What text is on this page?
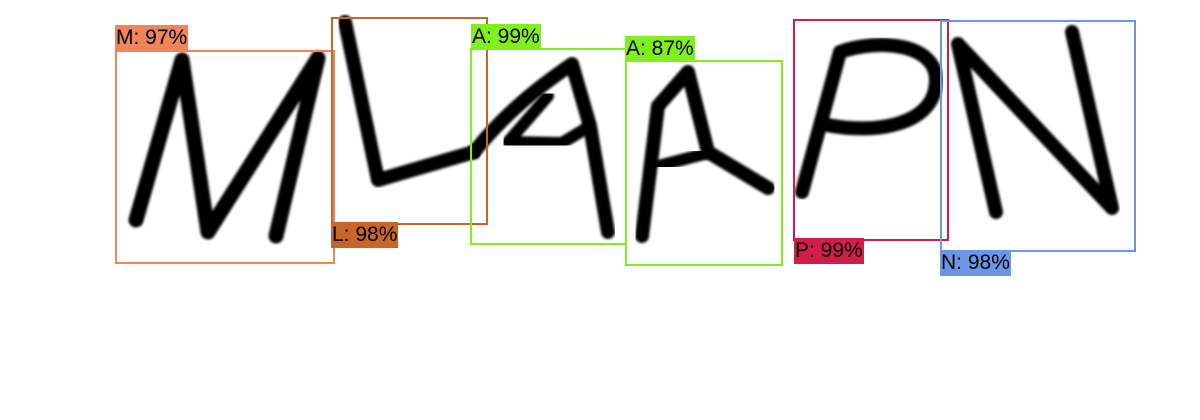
M: 97%
L: 98%
A: 99%
A: 87%
P: 99%
N: 98%
